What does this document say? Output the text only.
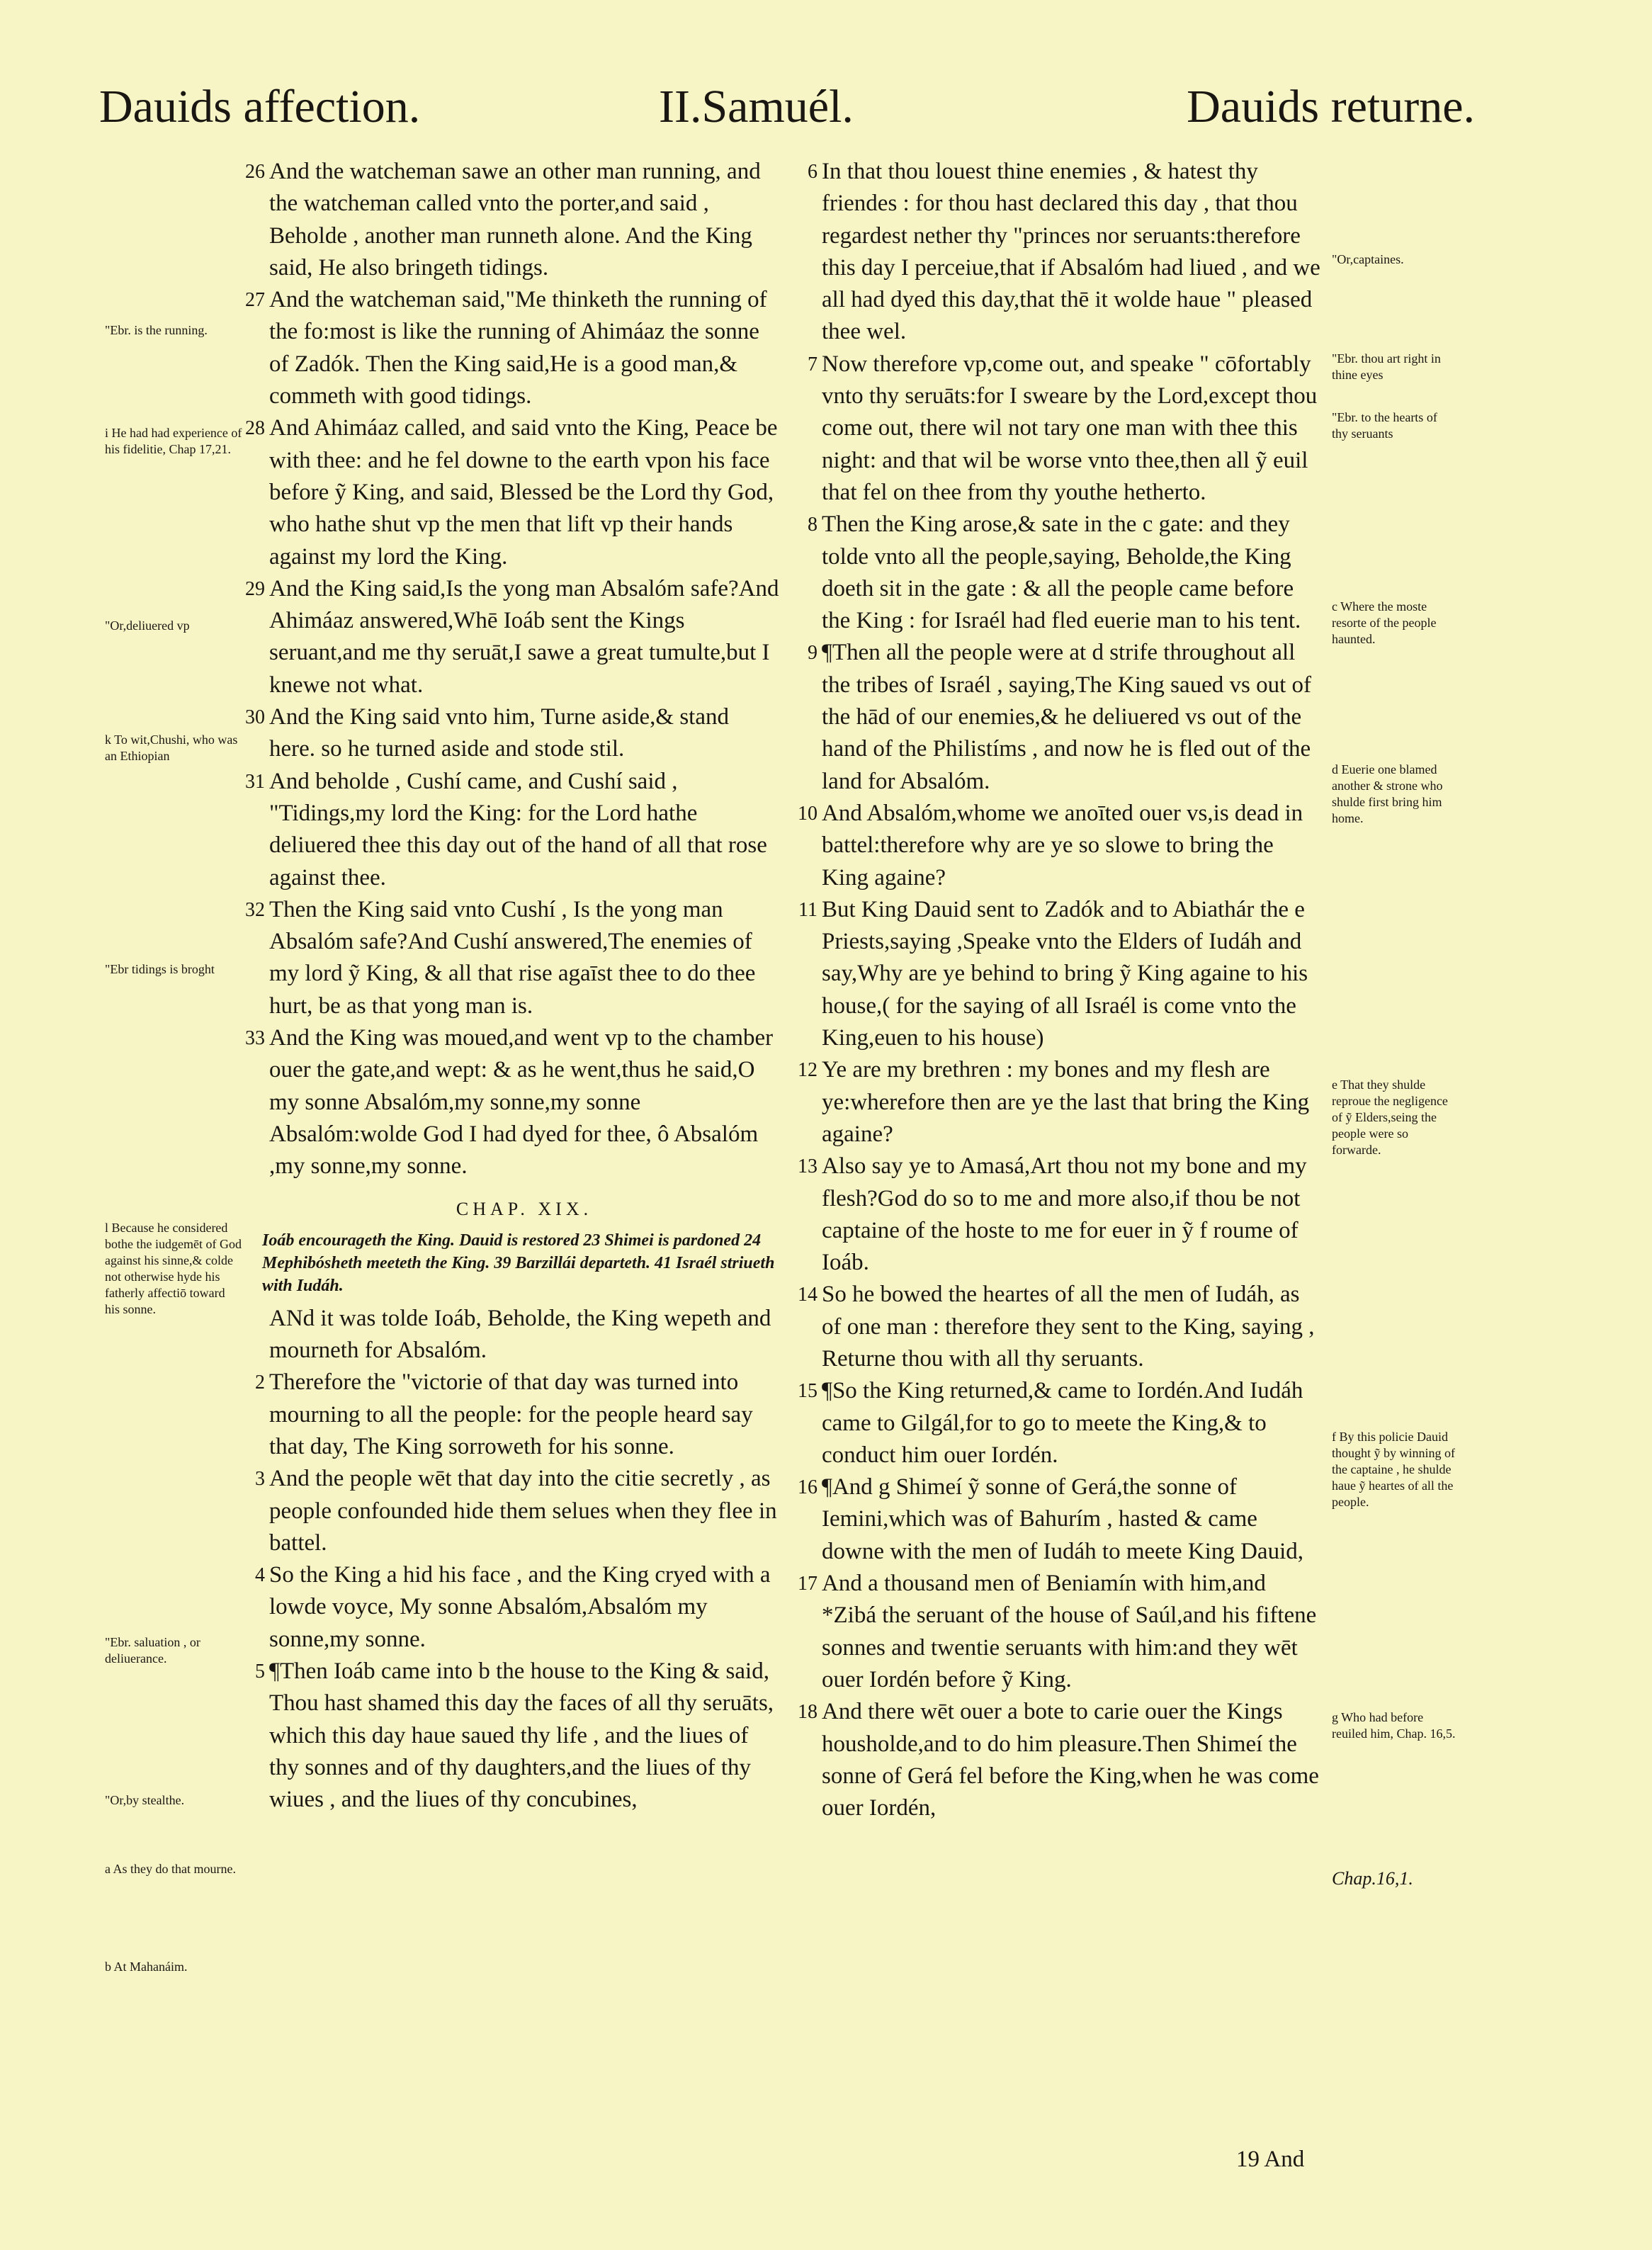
Dauids affection.	II.Samuél.	Dauids returne.

26 And the watcheman sawe an other man running, and the watcheman called vnto the porter,and said , Beholde , another man runneth alone. And the King said, He also bringeth tidings.

27 And the watcheman said,"Me thinketh the running of the fo:most is like the running of Ahimáaz the sonne of Zadók. Then the King said,He is a good man,& commeth with good tidings.

28 And Ahimáaz called, and said vnto the King, Peace be with thee: and he fel downe to the earth vpon his face before ỹ King, and said, Blessed be the Lord thy God, who hathe shut vp the men that lift vp their hands against my lord the King.

29 And the King said,Is the yong man Absalóm safe?And Ahimáaz answered,Whē Ioáb sent the Kings seruant,and me thy seruāt,I sawe a great tumulte,but I knewe not what.

30 And the King said vnto him, Turne aside,& stand here. so he turned aside and stode stil.

31 And beholde , Cushí came, and Cushí said , "Tidings,my lord the King: for the Lord hathe deliuered thee this day out of the hand of all that rose against thee.

32 Then the King said vnto Cushí , Is the yong man Absalóm safe?And Cushí answered,The enemies of my lord ỹ King, & all that rise agaīst thee to do thee hurt, be as that yong man is.

33 And the King was moued,and went vp to the chamber ouer the gate,and wept: & as he went,thus he said,O my sonne Absalóm,my sonne,my sonne Absalóm:wolde God I had dyed for thee, ô Absalóm ,my sonne,my sonne.

CHAP. XIX.
Ioáb encourageth the King. Dauid is restored 23 Shimei is pardoned 24 Mephibósheth meeteth the King. 39 Barzillái departeth. 41 Israél striueth with Iudáh.

ANd it was tolde Ioáb, Beholde, the King wepeth and mourneth for Absalóm.

2 Therefore the "victorie of that day was turned into mourning to all the people: for the people heard say that day, The King sorroweth for his sonne.

3 And the people wēt that day into the citie secretly , as people confounded hide them selues when they flee in battel.

4 So the King a hid his face , and the King cryed with a lowde voyce, My sonne Absalóm,Absalóm my sonne,my sonne.

5 ¶Then Ioáb came into b the house to the King & said, Thou hast shamed this day the faces of all thy seruāts, which this day haue saued thy life , and the liues of thy sonnes and of thy daughters,and the liues of thy wiues , and the liues of thy concubines,

6 In that thou louest thine enemies , & hatest thy friendes : for thou hast declared this day , that thou regardest nether thy "princes nor seruants:therefore this day I perceiue,that if Absalóm had liued , and we all had dyed this day,that thē it wolde haue " pleased thee wel.

7 Now therefore vp,come out, and speake " cōfortably vnto thy seruāts:for I sweare by the Lord,except thou come out, there wil not tary one man with thee this night: and that wil be worse vnto thee,then all ỹ euil that fel on thee from thy youthe hetherto.

8 Then the King arose,& sate in the c gate: and they tolde vnto all the people,saying, Beholde,the King doeth sit in the gate : & all the people came before the King : for Israél had fled euerie man to his tent.

9 ¶Then all the people were at d strife throughout all the tribes of Israél , saying,The King saued vs out of the hād of our enemies,& he deliuered vs out of the hand of the Philistíms , and now he is fled out of the land for Absalóm.

10 And Absalóm,whome we anoīted ouer vs,is dead in battel:therefore why are ye so slowe to bring the King againe?

11 But King Dauid sent to Zadók and to Abiathár the e Priests,saying ,Speake vnto the Elders of Iudáh and say,Why are ye behind to bring ỹ King againe to his house,( for the saying of all Israél is come vnto the King,euen to his house)

12 Ye are my brethren : my bones and my flesh are ye:wherefore then are ye the last that bring the King againe?

13 Also say ye to Amasá,Art thou not my bone and my flesh?God do so to me and more also,if thou be not captaine of the hoste to me for euer in ỹ f roume of Ioáb.

14 So he bowed the heartes of all the men of Iudáh, as of one man : therefore they sent to the King, saying , Returne thou with all thy seruants.

15 ¶So the King returned,& came to Iordén.And Iudáh came to Gilgál,for to go to meete the King,& to conduct him ouer Iordén.

16 ¶And g Shimeí ỹ sonne of Gerá,the sonne of Iemini,which was of Bahurím , hasted & came downe with the men of Iudáh to meete King Dauid,

17 And a thousand men of Beniamín with him,and *Zibá the seruant of the house of Saúl,and his fiftene sonnes and twentie seruants with him:and they wēt ouer Iordén before ỹ King.

18 And there wēt ouer a bote to carie ouer the Kings housholde,and to do him pleasure.Then Shimeí the sonne of Gerá fel before the King,when he was come ouer Iordén,

"Ebr. is the running.
i He had had experience of his fidelitie, Chap 17,21.
"Or,deliuered vp
k To wit,Chushi, who was an Ethiopian
"Ebr tidings is broght
l Because he considered bothe the iudgemēt of God against his sinne,& colde not otherwise hyde his fatherly affectiō toward his sonne.
"Ebr. saluation , or deliuerance.
"Or,by stealthe.
a As they do that mourne.
b At Mahanáim.
"Or,captaines.
"Ebr. thou art right in thine eyes
"Ebr. to the hearts of thy seruants
c Where the moste resorte of the people haunted.
d Euerie one blamed another & strone who shulde first bring him home.
e That they shulde reproue the negligence of ỹ Elders,seing the people were so forwarde.
f By this policie Dauid thought ỹ by winning of the captaine , he shulde haue ỹ heartes of all the people.
g Who had before reuiled him, Chap. 16,5.
Chap.16,1.
19 And
